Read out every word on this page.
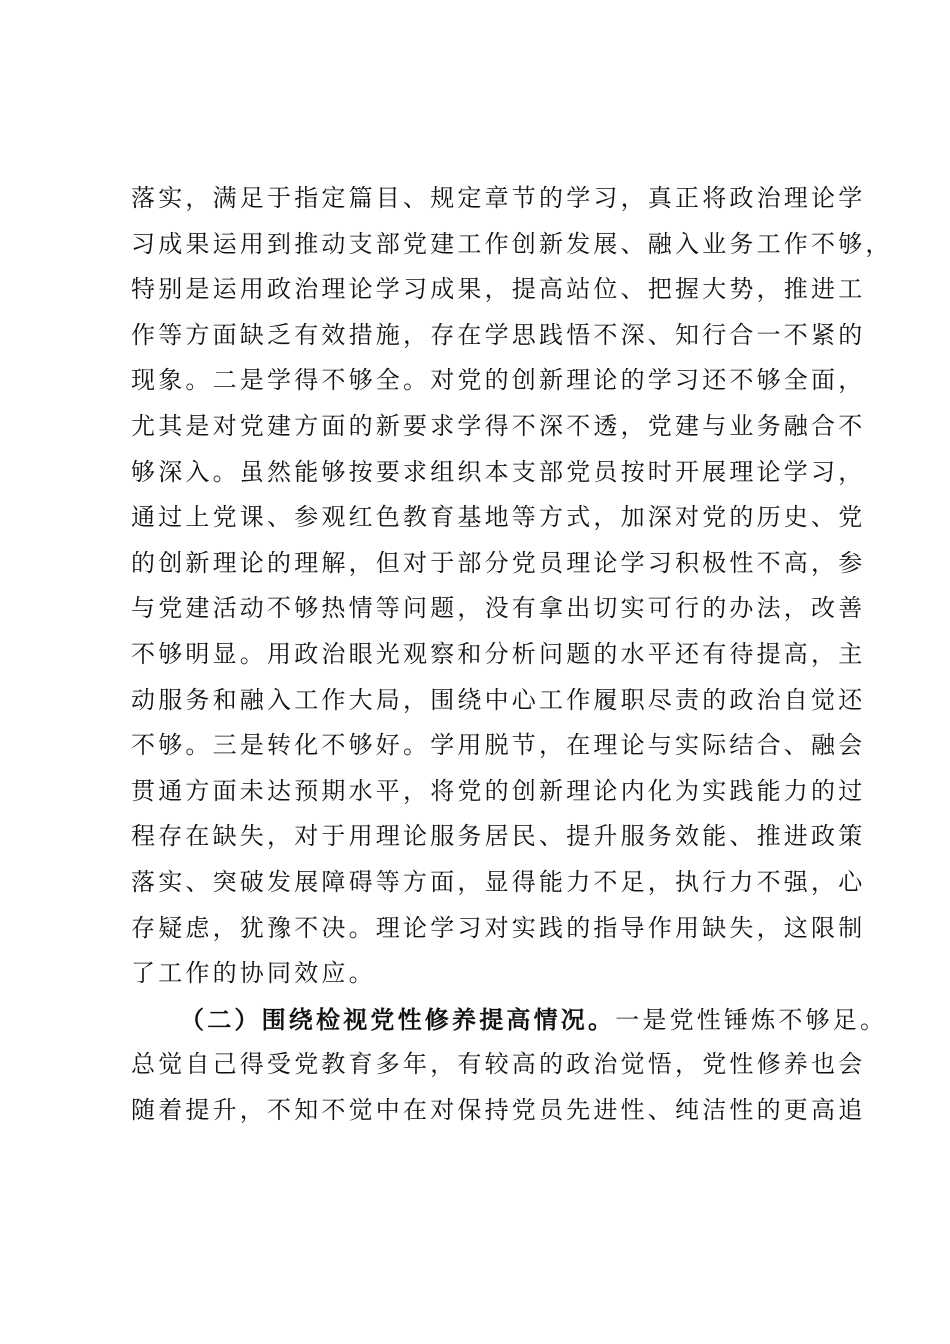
落实，满足于指定篇目、规定章节的学习，真正将政治理论学
习成果运用到推动支部党建工作创新发展、融入业务工作不够，
特别是运用政治理论学习成果，提高站位、把握大势，推进工
作等方面缺乏有效措施，存在学思践悟不深、知行合一不紧的
现象。二是学得不够全。对党的创新理论的学习还不够全面，
尤其是对党建方面的新要求学得不深不透，党建与业务融合不
够深入。虽然能够按要求组织本支部党员按时开展理论学习，
通过上党课、参观红色教育基地等方式，加深对党的历史、党
的创新理论的理解，但对于部分党员理论学习积极性不高，参
与党建活动不够热情等问题，没有拿出切实可行的办法，改善
不够明显。用政治眼光观察和分析问题的水平还有待提高，主
动服务和融入工作大局，围绕中心工作履职尽责的政治自觉还
不够。三是转化不够好。学用脱节，在理论与实际结合、融会
贯通方面未达预期水平，将党的创新理论内化为实践能力的过
程存在缺失，对于用理论服务居民、提升服务效能、推进政策
落实、突破发展障碍等方面，显得能力不足，执行力不强，心
存疑虑，犹豫不决。理论学习对实践的指导作用缺失，这限制
了工作的协同效应。
（二）围绕检视党性修养提高情况。一是党性锤炼不够足。
总觉自己得受党教育多年，有较高的政治觉悟，党性修养也会
随着提升，不知不觉中在对保持党员先进性、纯洁性的更高追
